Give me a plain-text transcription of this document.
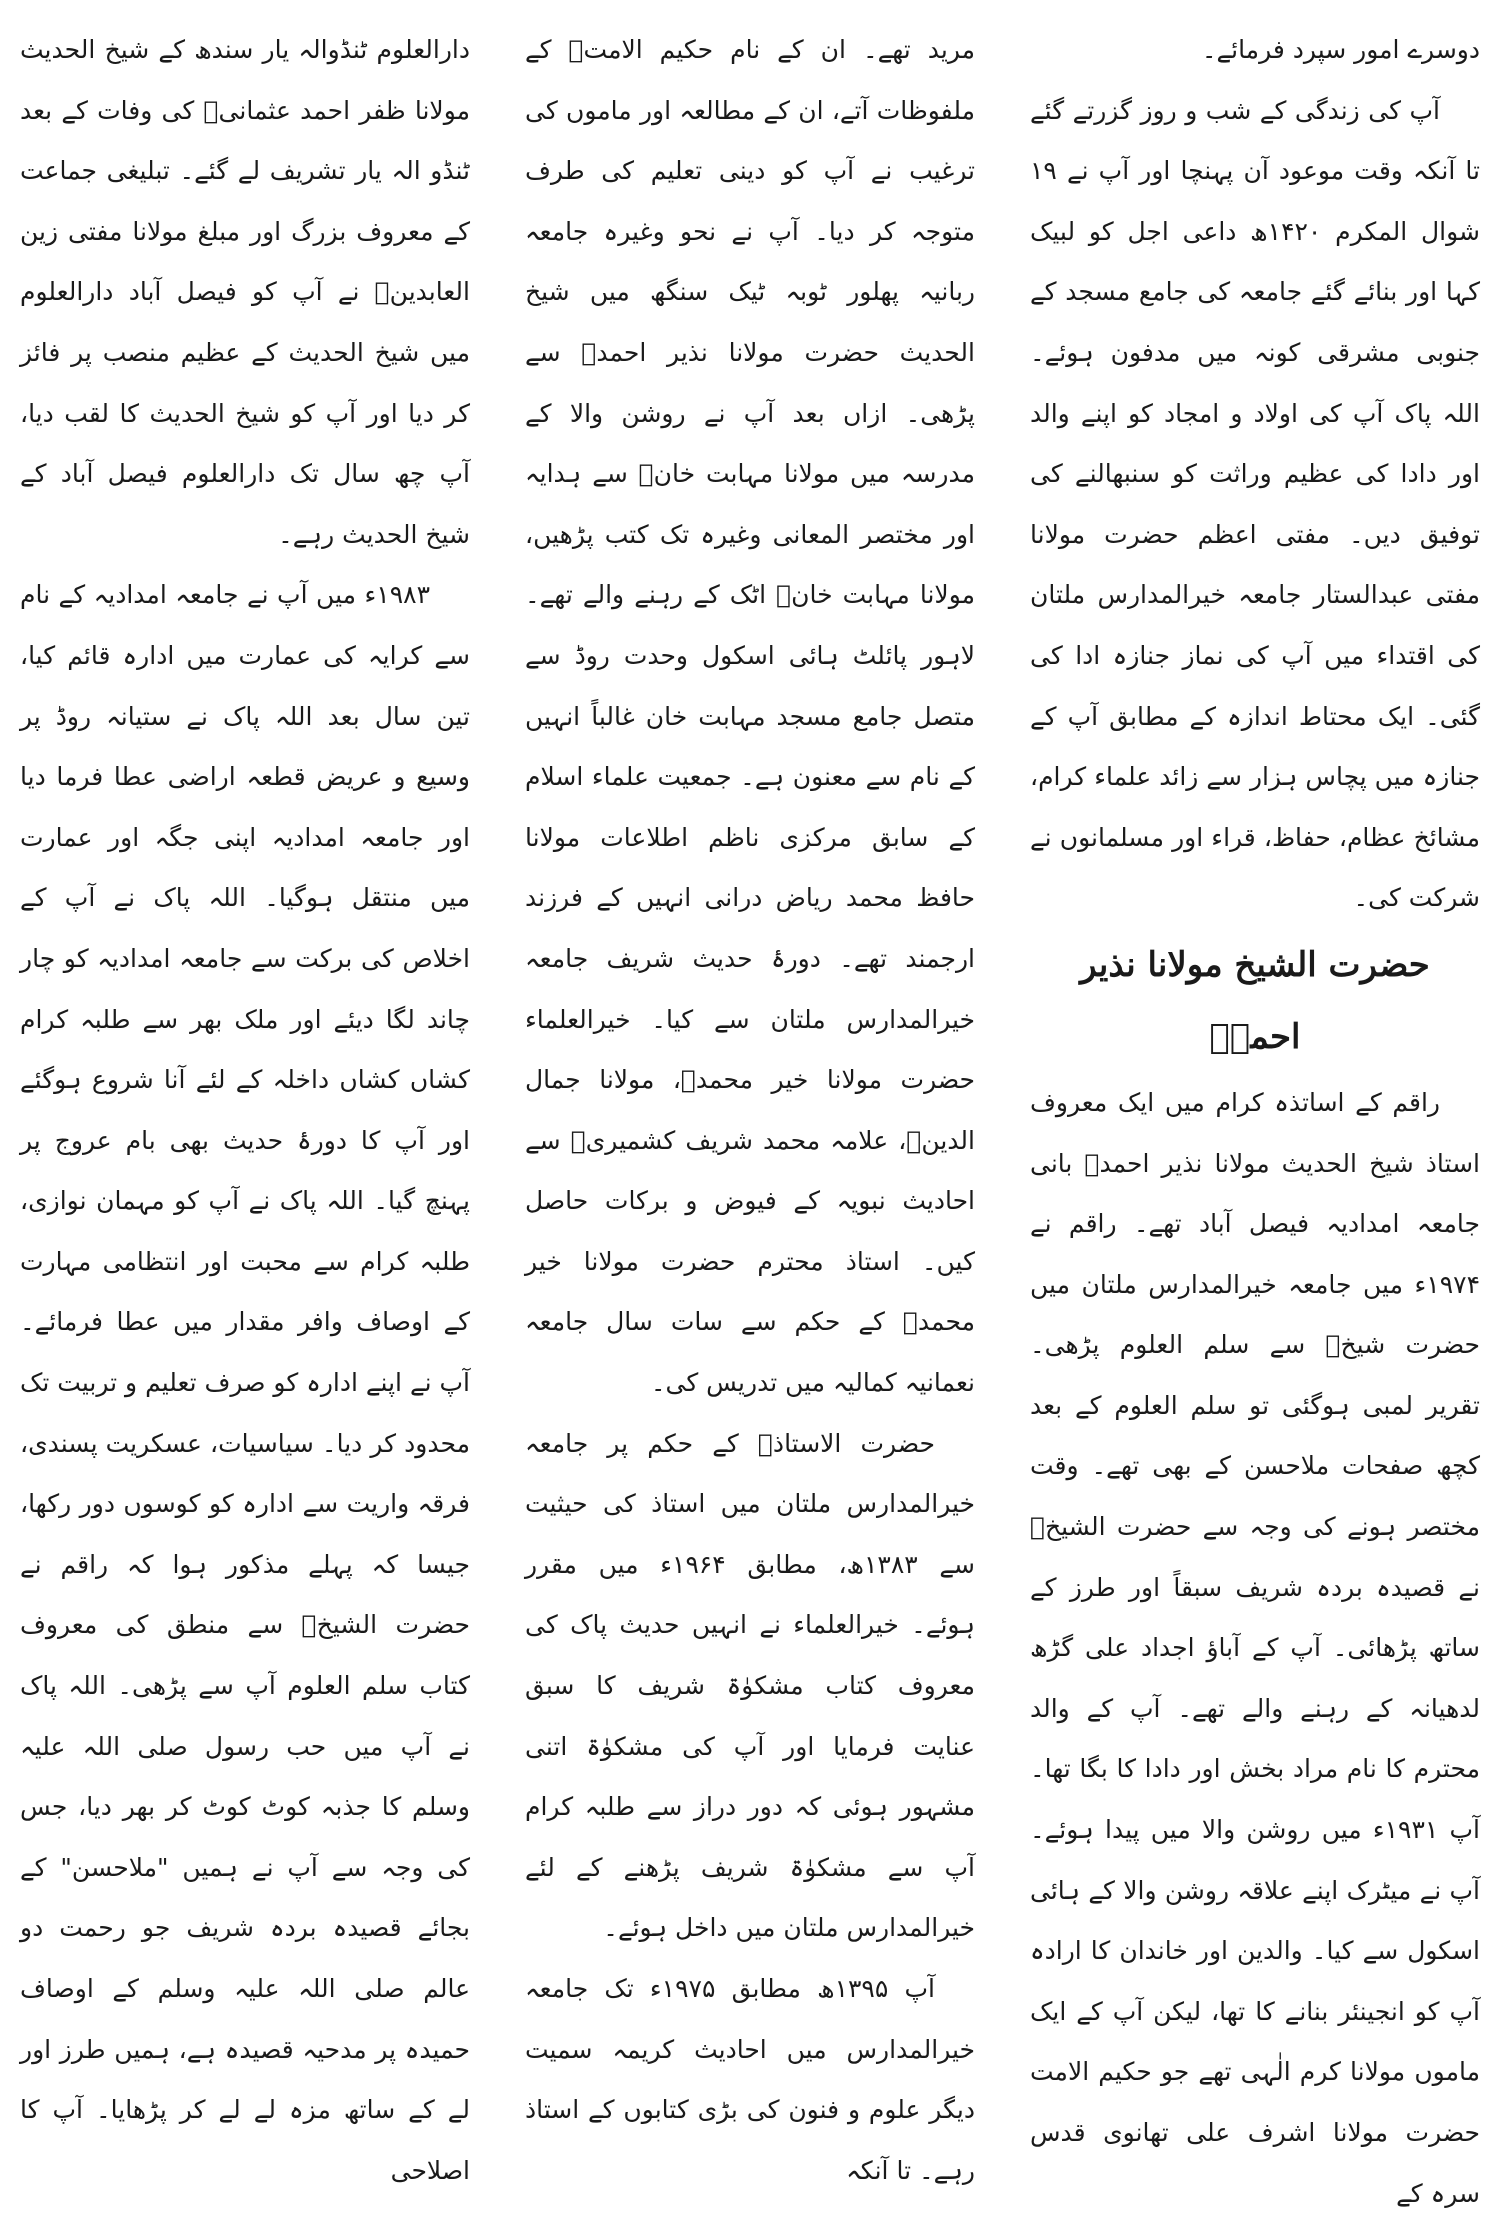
دوسرے امور سپرد فرمائے۔

آپ کی زندگی کے شب و روز گزرتے گئے تا آنکہ وقت موعود آن پہنچا اور آپ نے ۱۹ شوال المکرم ۱۴۲۰ھ داعی اجل کو لبیک کہا اور بنائے گئے جامعہ کی جامع مسجد کے جنوبی مشرقی کونہ میں مدفون ہوئے۔ اللہ پاک آپ کی اولاد و امجاد کو اپنے والد اور دادا کی عظیم وراثت کو سنبھالنے کی توفیق دیں۔ مفتی اعظم حضرت مولانا مفتی عبدالستار جامعہ خیرالمدارس ملتان کی اقتداء میں آپ کی نماز جنازہ ادا کی گئی۔ ایک محتاط اندازہ کے مطابق آپ کے جنازہ میں پچاس ہزار سے زائد علماء کرام، مشائخ عظام، حفاظ، قراء اور مسلمانوں نے شرکت کی۔

حضرت الشیخ مولانا نذیر احمدؒ

راقم کے اساتذہ کرام میں ایک معروف استاذ شیخ الحدیث مولانا نذیر احمدؒ بانی جامعہ امدادیہ فیصل آباد تھے۔ راقم نے ۱۹۷۴ء میں جامعہ خیرالمدارس ملتان میں حضرت شیخؒ سے سلم العلوم پڑھی۔ تقریر لمبی ہوگئی تو سلم العلوم کے بعد کچھ صفحات ملاحسن کے بھی تھے۔ وقت مختصر ہونے کی وجہ سے حضرت الشیخؒ نے قصیدہ بردہ شریف سبقاً اور طرز کے ساتھ پڑھائی۔ آپ کے آباؤ اجداد علی گڑھ لدھیانہ کے رہنے والے تھے۔ آپ کے والد محترم کا نام مراد بخش اور دادا کا بگا تھا۔ آپ ۱۹۳۱ء میں روشن والا میں پیدا ہوئے۔ آپ نے میٹرک اپنے علاقہ روشن والا کے ہائی اسکول سے کیا۔ والدین اور خاندان کا ارادہ آپ کو انجینئر بنانے کا تھا، لیکن آپ کے ایک ماموں مولانا کرم الٰہی تھے جو حکیم الامت حضرت مولانا اشرف علی تھانوی قدس سرہ کے

مرید تھے۔ ان کے نام حکیم الامتؒ کے ملفوظات آتے، ان کے مطالعہ اور ماموں کی ترغیب نے آپ کو دینی تعلیم کی طرف متوجہ کر دیا۔ آپ نے نحو وغیرہ جامعہ ربانیہ پھلور ٹوبہ ٹیک سنگھ میں شیخ الحدیث حضرت مولانا نذیر احمدؒ سے پڑھی۔ ازاں بعد آپ نے روشن والا کے مدرسہ میں مولانا مہابت خانؒ سے ہدایہ اور مختصر المعانی وغیرہ تک کتب پڑھیں، مولانا مہابت خانؒ اٹک کے رہنے والے تھے۔ لاہور پائلٹ ہائی اسکول وحدت روڈ سے متصل جامع مسجد مہابت خان غالباً انہیں کے نام سے معنون ہے۔ جمعیت علماء اسلام کے سابق مرکزی ناظم اطلاعات مولانا حافظ محمد ریاض درانی انہیں کے فرزند ارجمند تھے۔ دورۂ حدیث شریف جامعہ خیرالمدارس ملتان سے کیا۔ خیرالعلماء حضرت مولانا خیر محمدؒ، مولانا جمال الدینؒ، علامہ محمد شریف کشمیریؒ سے احادیث نبویہ کے فیوض و برکات حاصل کیں۔ استاذ محترم حضرت مولانا خیر محمدؒ کے حکم سے سات سال جامعہ نعمانیہ کمالیہ میں تدریس کی۔

حضرت الاستاذؒ کے حکم پر جامعہ خیرالمدارس ملتان میں استاذ کی حیثیت سے ۱۳۸۳ھ، مطابق ۱۹۶۴ء میں مقرر ہوئے۔ خیرالعلماء نے انہیں حدیث پاک کی معروف کتاب مشکوٰۃ شریف کا سبق عنایت فرمایا اور آپ کی مشکوٰۃ اتنی مشہور ہوئی کہ دور دراز سے طلبہ کرام آپ سے مشکوٰۃ شریف پڑھنے کے لئے خیرالمدارس ملتان میں داخل ہوئے۔

آپ ۱۳۹۵ھ مطابق ۱۹۷۵ء تک جامعہ خیرالمدارس میں احادیث کریمہ سمیت دیگر علوم و فنون کی بڑی کتابوں کے استاذ رہے۔ تا آنکہ

دارالعلوم ٹنڈوالہ یار سندھ کے شیخ الحدیث مولانا ظفر احمد عثمانیؒ کی وفات کے بعد ٹنڈو الہ یار تشریف لے گئے۔ تبلیغی جماعت کے معروف بزرگ اور مبلغ مولانا مفتی زین العابدینؒ نے آپ کو فیصل آباد دارالعلوم میں شیخ الحدیث کے عظیم منصب پر فائز کر دیا اور آپ کو شیخ الحدیث کا لقب دیا، آپ چھ سال تک دارالعلوم فیصل آباد کے شیخ الحدیث رہے۔

۱۹۸۳ء میں آپ نے جامعہ امدادیہ کے نام سے کرایہ کی عمارت میں ادارہ قائم کیا، تین سال بعد اللہ پاک نے ستیانہ روڈ پر وسیع و عریض قطعہ اراضی عطا فرما دیا اور جامعہ امدادیہ اپنی جگہ اور عمارت میں منتقل ہوگیا۔ اللہ پاک نے آپ کے اخلاص کی برکت سے جامعہ امدادیہ کو چار چاند لگا دیئے اور ملک بھر سے طلبہ کرام کشاں کشاں داخلہ کے لئے آنا شروع ہوگئے اور آپ کا دورۂ حدیث بھی بام عروج پر پہنچ گیا۔ اللہ پاک نے آپ کو مہمان نوازی، طلبہ کرام سے محبت اور انتظامی مہارت کے اوصاف وافر مقدار میں عطا فرمائے۔ آپ نے اپنے ادارہ کو صرف تعلیم و تربیت تک محدود کر دیا۔ سیاسیات، عسکریت پسندی، فرقہ واریت سے ادارہ کو کوسوں دور رکھا، جیسا کہ پہلے مذکور ہوا کہ راقم نے حضرت الشیخؒ سے منطق کی معروف کتاب سلم العلوم آپ سے پڑھی۔ اللہ پاک نے آپ میں حب رسول صلی اللہ علیہ وسلم کا جذبہ کوٹ کوٹ کر بھر دیا، جس کی وجہ سے آپ نے ہمیں "ملاحسن" کے بجائے قصیدہ بردہ شریف جو رحمت دو عالم صلی اللہ علیہ وسلم کے اوصاف حمیدہ پر مدحیہ قصیدہ ہے، ہمیں طرز اور لے کے ساتھ مزہ لے لے کر پڑھایا۔ آپ کا اصلاحی
